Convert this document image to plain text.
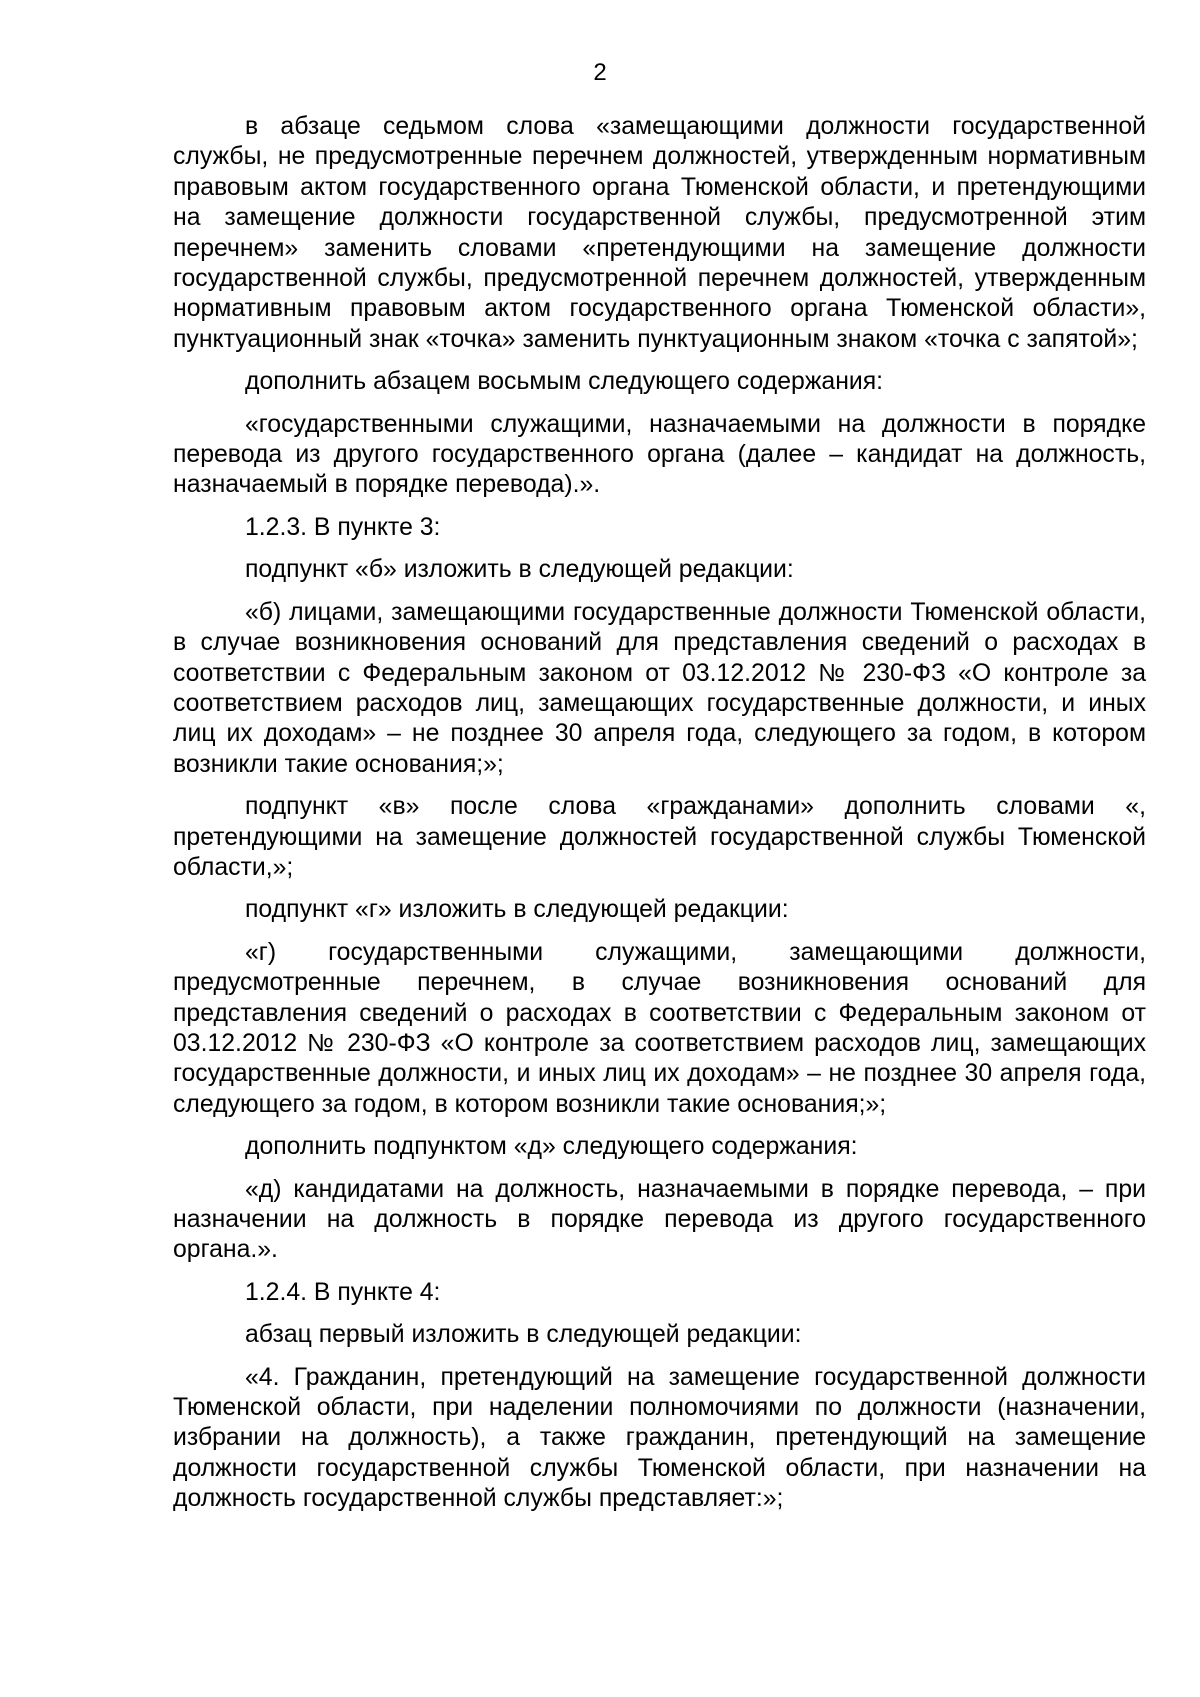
2

в абзаце седьмом слова «замещающими должности государственной службы, не предусмотренные перечнем должностей, утвержденным нормативным правовым актом государственного органа Тюменской области, и претендующими на замещение должности государственной службы, предусмотренной этим перечнем» заменить словами «претендующими на замещение должности государственной службы, предусмотренной перечнем должностей, утвержденным нормативным правовым актом государственного органа Тюменской области», пунктуационный знак «точка» заменить пунктуационным знаком «точка с запятой»;

дополнить абзацем восьмым следующего содержания:

«государственными служащими, назначаемыми на должности в порядке перевода из другого государственного органа (далее – кандидат на должность, назначаемый в порядке перевода).».

1.2.3. В пункте 3:

подпункт «б» изложить в следующей редакции:

«б) лицами, замещающими государственные должности Тюменской области, в случае возникновения оснований для представления сведений о расходах в соответствии с Федеральным законом от 03.12.2012 № 230-ФЗ «О контроле за соответствием расходов лиц, замещающих государственные должности, и иных лиц их доходам» – не позднее 30 апреля года, следующего за годом, в котором возникли такие основания;»;

подпункт «в» после слова «гражданами» дополнить словами «, претендующими на замещение должностей государственной службы Тюменской области,»;

подпункт «г» изложить в следующей редакции:

«г) государственными служащими, замещающими должности, предусмотренные перечнем, в случае возникновения оснований для представления сведений о расходах в соответствии с Федеральным законом от 03.12.2012 № 230-ФЗ «О контроле за соответствием расходов лиц, замещающих государственные должности, и иных лиц их доходам» – не позднее 30 апреля года, следующего за годом, в котором возникли такие основания;»;

дополнить подпунктом «д» следующего содержания:

«д) кандидатами на должность, назначаемыми в порядке перевода, – при назначении на должность в порядке перевода из другого государственного органа.».

1.2.4. В пункте 4:

абзац первый изложить в следующей редакции:

«4. Гражданин, претендующий на замещение государственной должности Тюменской области, при наделении полномочиями по должности (назначении, избрании на должность), а также гражданин, претендующий на замещение должности государственной службы Тюменской области, при назначении на должность государственной службы представляет:»;
